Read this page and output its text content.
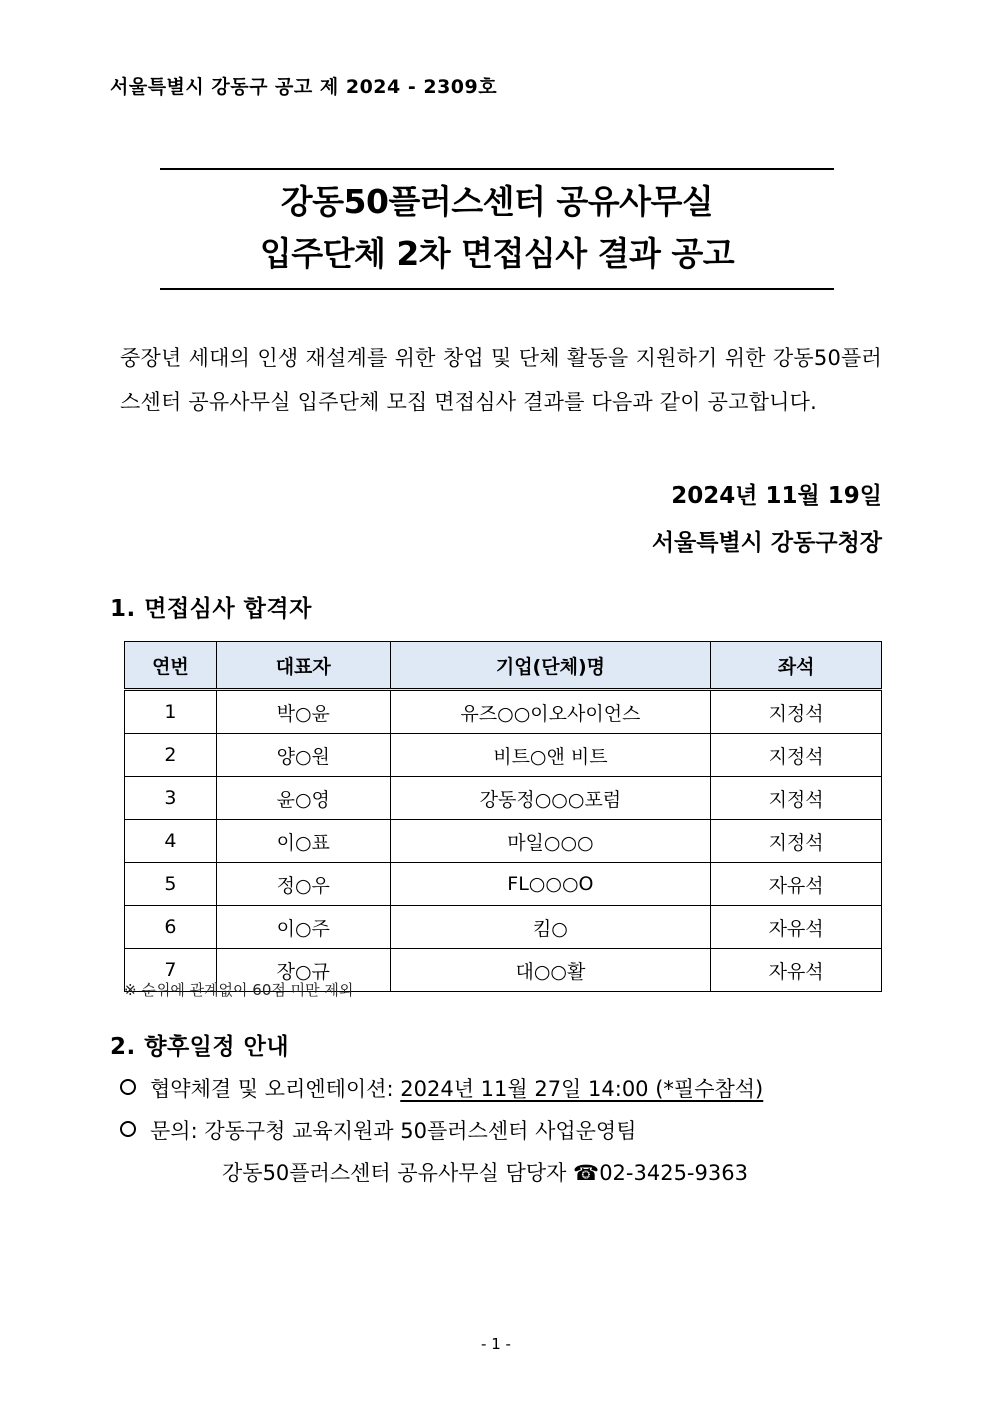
서울특별시 강동구 공고 제 2024 - 2309호
강동50플러스센터 공유사무실
입주단체 2차 면접심사 결과 공고
중장년 세대의 인생 재설계를 위한 창업 및 단체 활동을 지원하기 위한 강동50플러스센터 공유사무실 입주단체 모집 면접심사 결과를 다음과 같이 공고합니다.
2024년 11월 19일
서울특별시 강동구청장
1. 면접심사 합격자
연번	대표자	기업(단체)명	좌석
1	박○윤	유즈○○이오사이언스	지정석
2	양○원	비트○앤 비트	지정석
3	윤○영	강동정○○○포럼	지정석
4	이○표	마일○○○	지정석
5	정○우	FL○○○O	자유석
6	이○주	킴○	자유석
7	장○규	대○○활	자유석
※ 순위에 관계없이 60점 미만 제외
2. 향후일정 안내
협약체결 및 오리엔테이션: 2024년 11월 27일 14:00 (*필수참석)
문의: 강동구청 교육지원과 50플러스센터 사업운영팀
강동50플러스센터 공유사무실 담당자 ☎02-3425-9363
- 1 -
